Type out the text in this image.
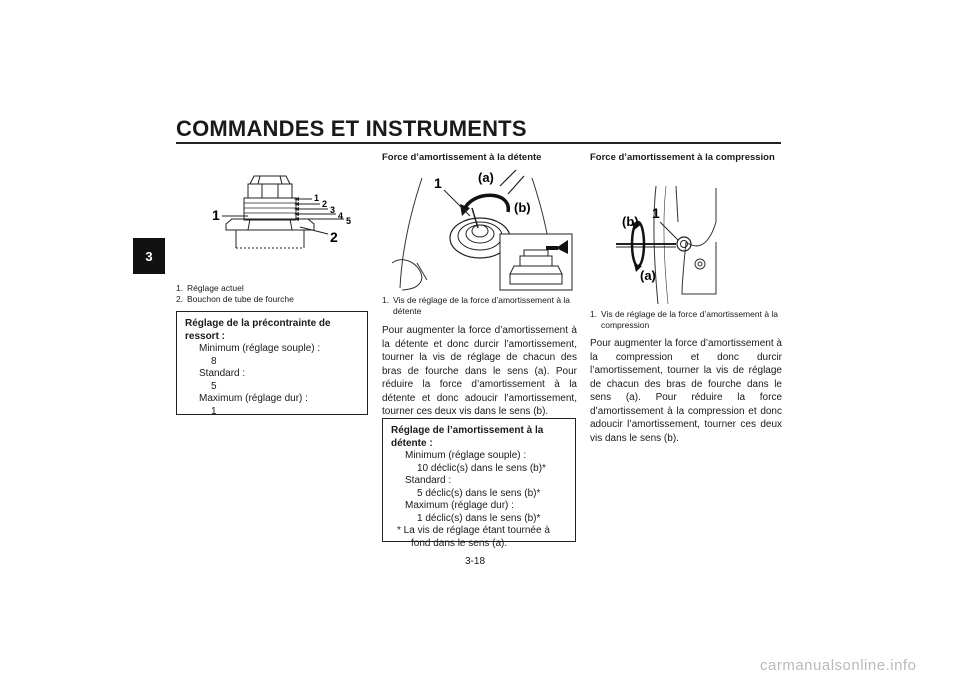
COMMANDES ET INSTRUMENTS
3
1
2
3
4 5
1
2
1. Réglage actuel
2. Bouchon de tube de fourche
Réglage de la précontrainte de ressort :
Minimum (réglage souple) :
8
Standard :
5
Maximum (réglage dur) :
1
Force d’amortissement à la détente
1	(a)
(b)
1. Vis de réglage de la force d’amortissement à la détente
Pour augmenter la force d’amortissement à la détente et donc durcir l’amortissement, tourner la vis de réglage de chacun des bras de fourche dans le sens (a). Pour réduire la force d’amortissement à la détente et donc adoucir l’amortissement, tourner ces deux vis dans le sens (b).
Réglage de l’amortissement à la détente :
Minimum (réglage souple) :
10 déclic(s) dans le sens (b)*
Standard :
5 déclic(s) dans le sens (b)*
Maximum (réglage dur) :
1 déclic(s) dans le sens (b)*
* La vis de réglage étant tournée à
fond dans le sens (a).
Force d’amortissement à la compression
(b)
1
(a)
1. Vis de réglage de la force d’amortissement à la compression
Pour augmenter la force d’amortissement à la compression et donc durcir l’amortissement, tourner la vis de réglage de chacun des bras de fourche dans le sens (a). Pour réduire la force d’amortissement à la compression et donc adoucir l’amortissement, tourner ces deux vis dans le sens (b).
3-18
carmanualsonline.info
